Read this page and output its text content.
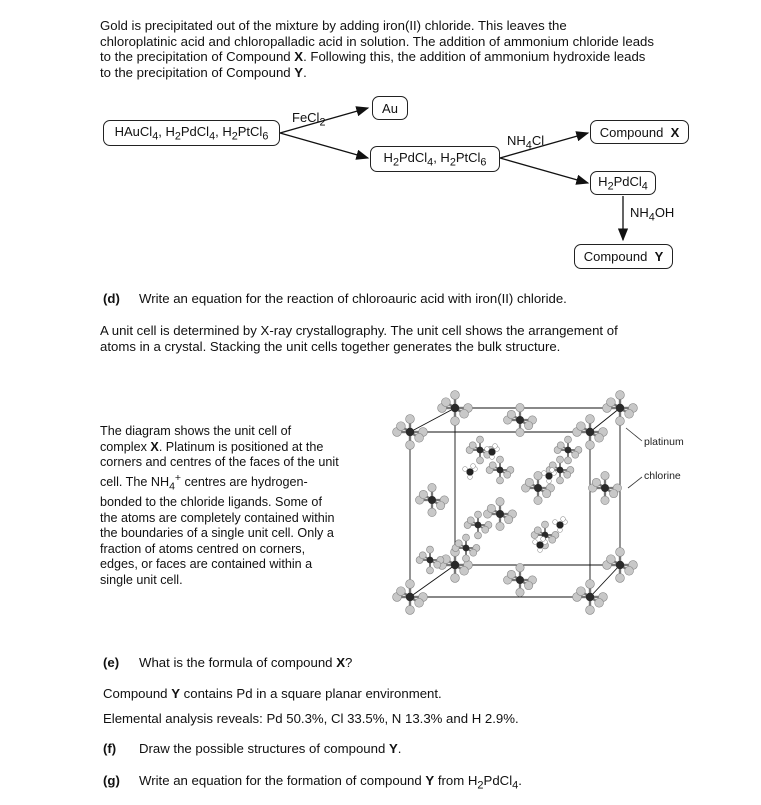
Gold is precipitated out of the mixture by adding iron(II) chloride. This leaves the
chloroplatinic acid and chloropalladic acid in solution. The addition of ammonium chloride leads
to the precipitation of Compound X. Following this, the addition of ammonium hydroxide leads
to the precipitation of Compound Y.
HAuCl$_4$, $H_2PdCl_4$, $H_2PtCl_6$
FeCl$_2$
Au
$H_2PdCl_4$, $H_2PtCl_6$
$NH_4Cl$
Compound  X
$H_2PdCl_4$
$NH_4OH$
Compound  Y
(d) Write an equation for the reaction of chloroauric acid with iron(II) chloride.
A unit cell is determined by X-ray crystallography. The unit cell shows the arrangement of
atoms in a crystal. Stacking the unit cells together generates the bulk structure.
The diagram shows the unit cell of
complex X. Platinum is positioned at the
corners and centres of the faces of the unit
cell. The $NH_4^+$ centres are hydrogen-
bonded to the chloride ligands. Some of
the atoms are completely contained within
the boundaries of a single unit cell. Only a
fraction of atoms centred on corners,
edges, or faces are contained within a
single unit cell.
platinum
chlorine
(e) What is the formula of compound X?
Compound Y contains Pd in a square planar environment.
Elemental analysis reveals: Pd 50.3%, Cl 33.5%, N 13.3% and H 2.9%.
(f) Draw the possible structures of compound Y.
(g) Write an equation for the formation of compound Y from $H_2PdCl_4$.
